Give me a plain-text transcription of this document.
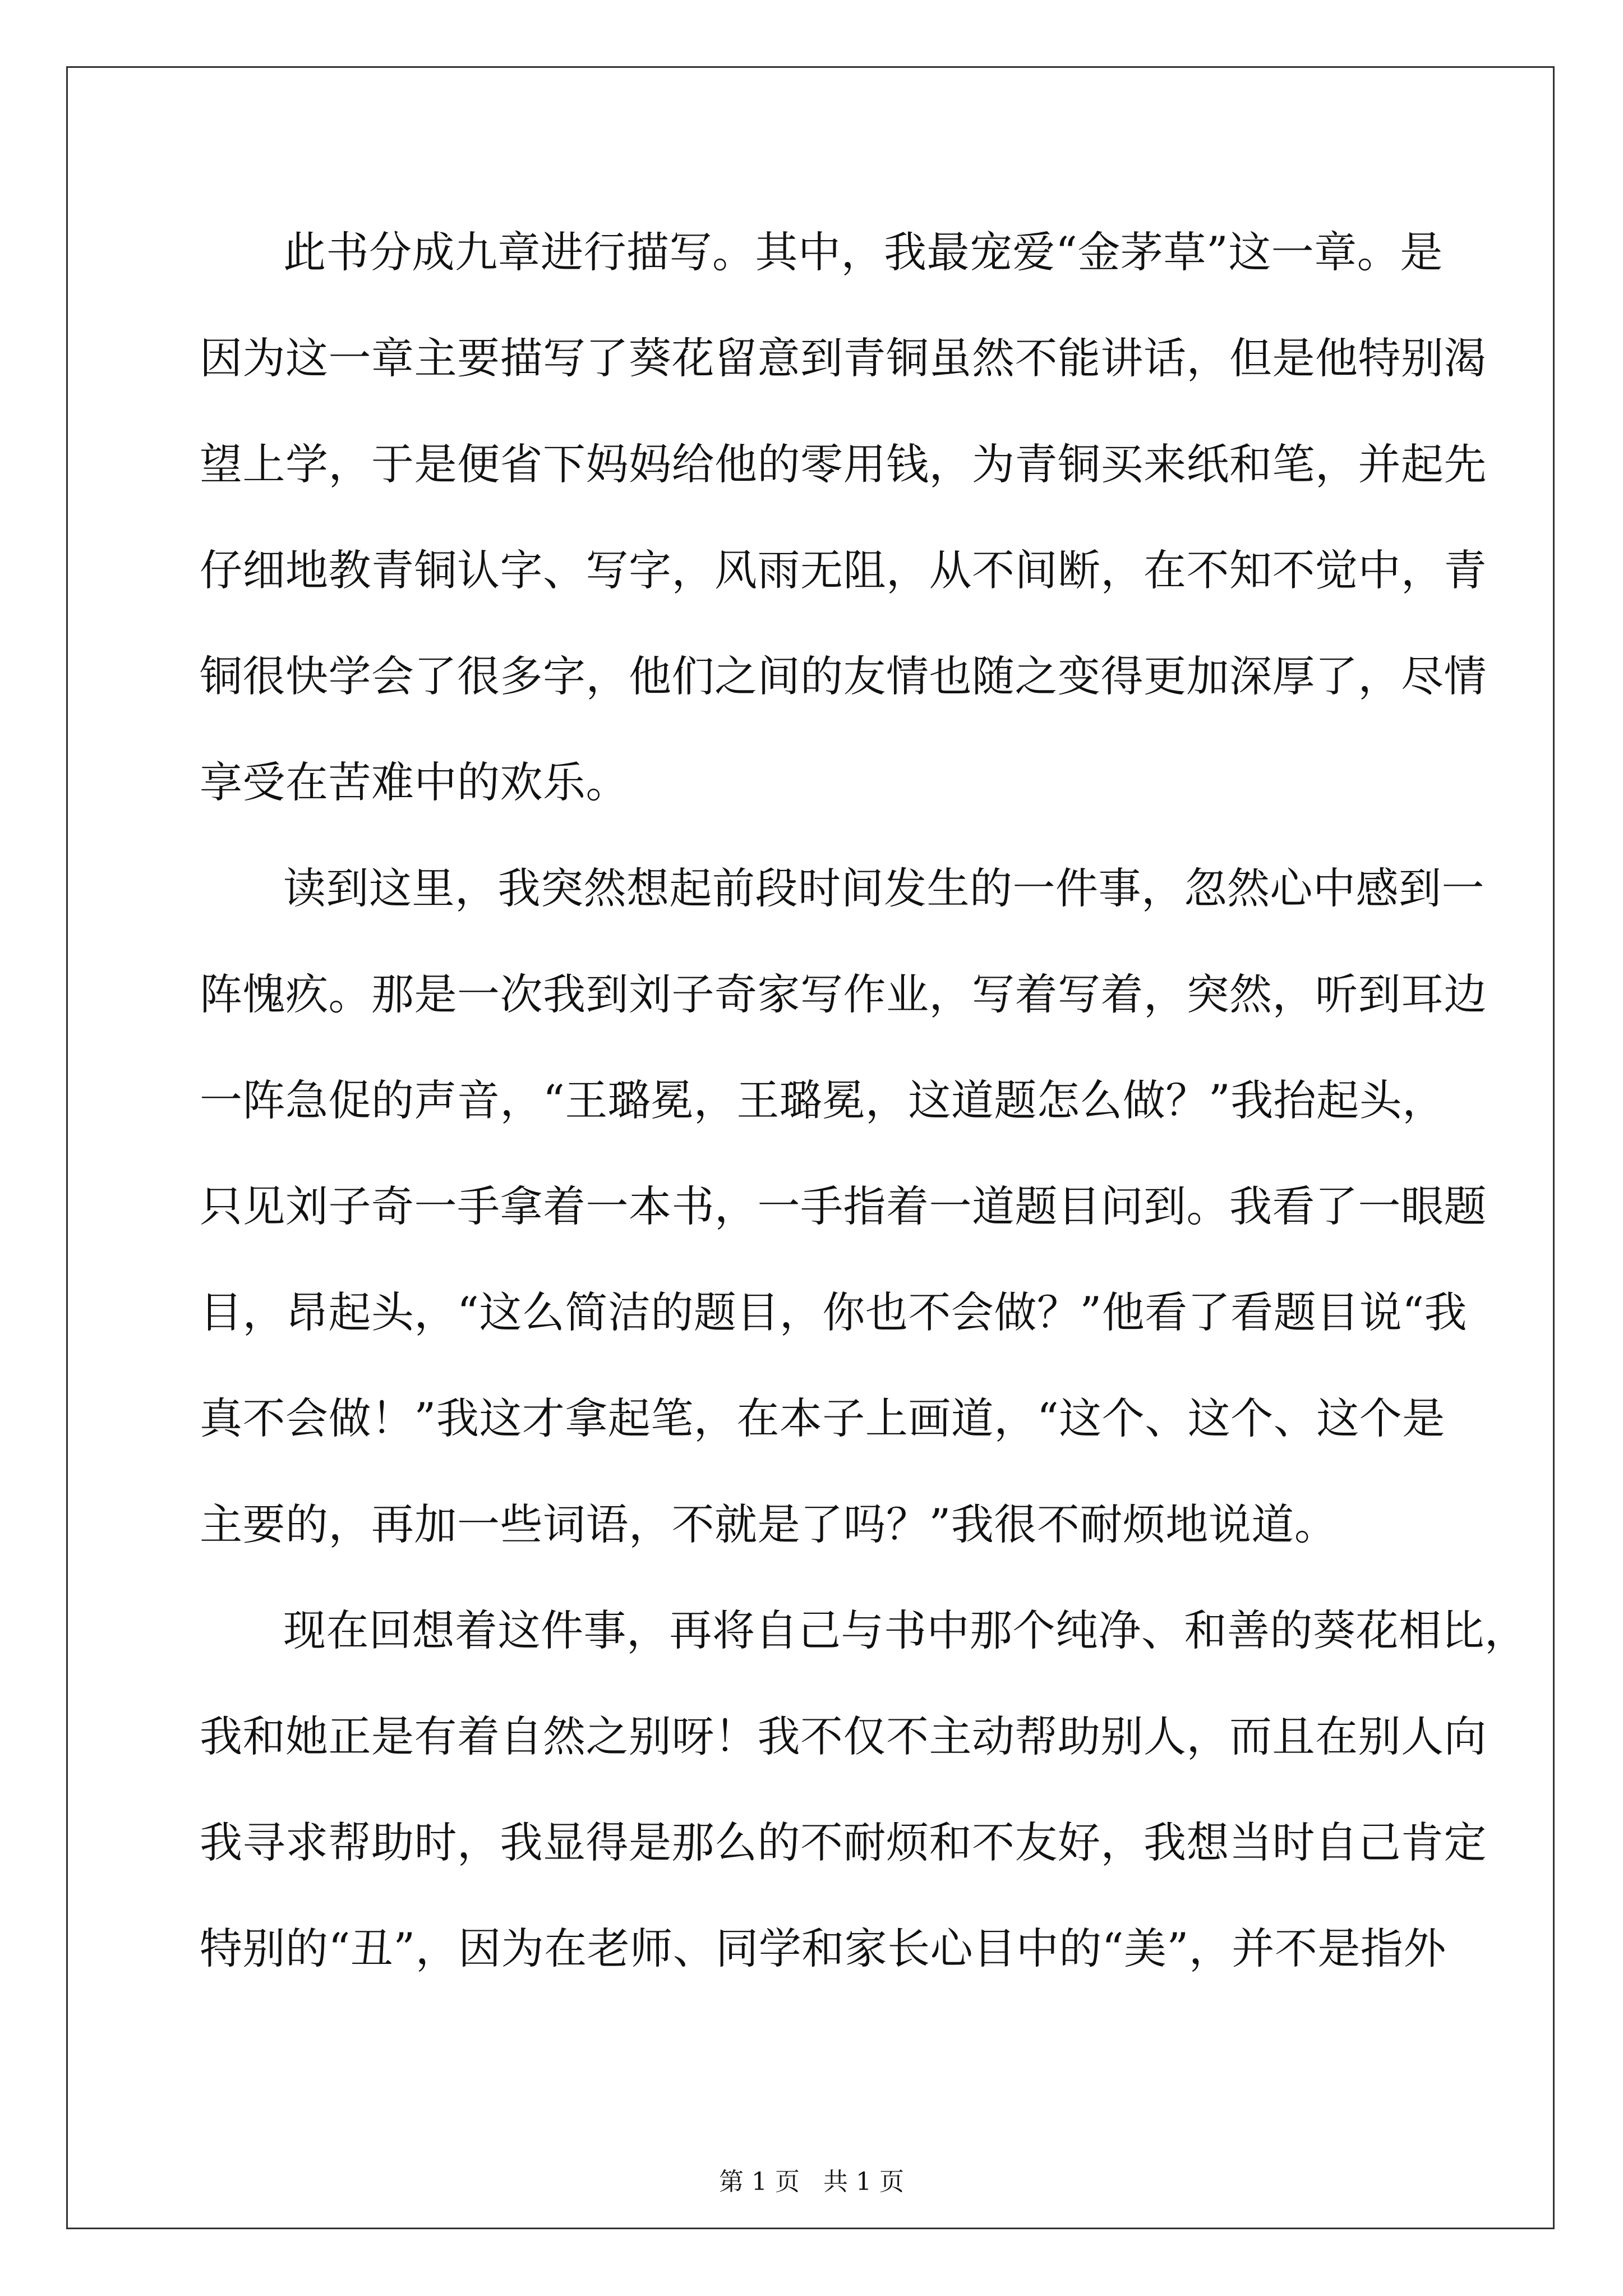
此书分成九章进行描写。其中，我最宠爱“金茅草”这一章。是
因为这一章主要描写了葵花留意到青铜虽然不能讲话，但是他特别渴
望上学，于是便省下妈妈给他的零用钱，为青铜买来纸和笔，并起先
仔细地教青铜认字、写字，风雨无阻，从不间断，在不知不觉中，青
铜很快学会了很多字，他们之间的友情也随之变得更加深厚了，尽情
享受在苦难中的欢乐。
读到这里，我突然想起前段时间发生的一件事，忽然心中感到一
阵愧疚。那是一次我到刘子奇家写作业，写着写着，突然，听到耳边
一阵急促的声音，“王璐冕，王璐冕，这道题怎么做？”我抬起头，
只见刘子奇一手拿着一本书，一手指着一道题目问到。我看了一眼题
目，昂起头，“这么简洁的题目，你也不会做？”他看了看题目说“我
真不会做！”我这才拿起笔，在本子上画道，“这个、这个、这个是
主要的，再加一些词语，不就是了吗？”我很不耐烦地说道。
现在回想着这件事，再将自己与书中那个纯净、和善的葵花相比，
我和她正是有着自然之别呀！我不仅不主动帮助别人，而且在别人向
我寻求帮助时，我显得是那么的不耐烦和不友好，我想当时自己肯定
特别的“丑”，因为在老师、同学和家长心目中的“美”，并不是指外
第 1 页   共 1 页
